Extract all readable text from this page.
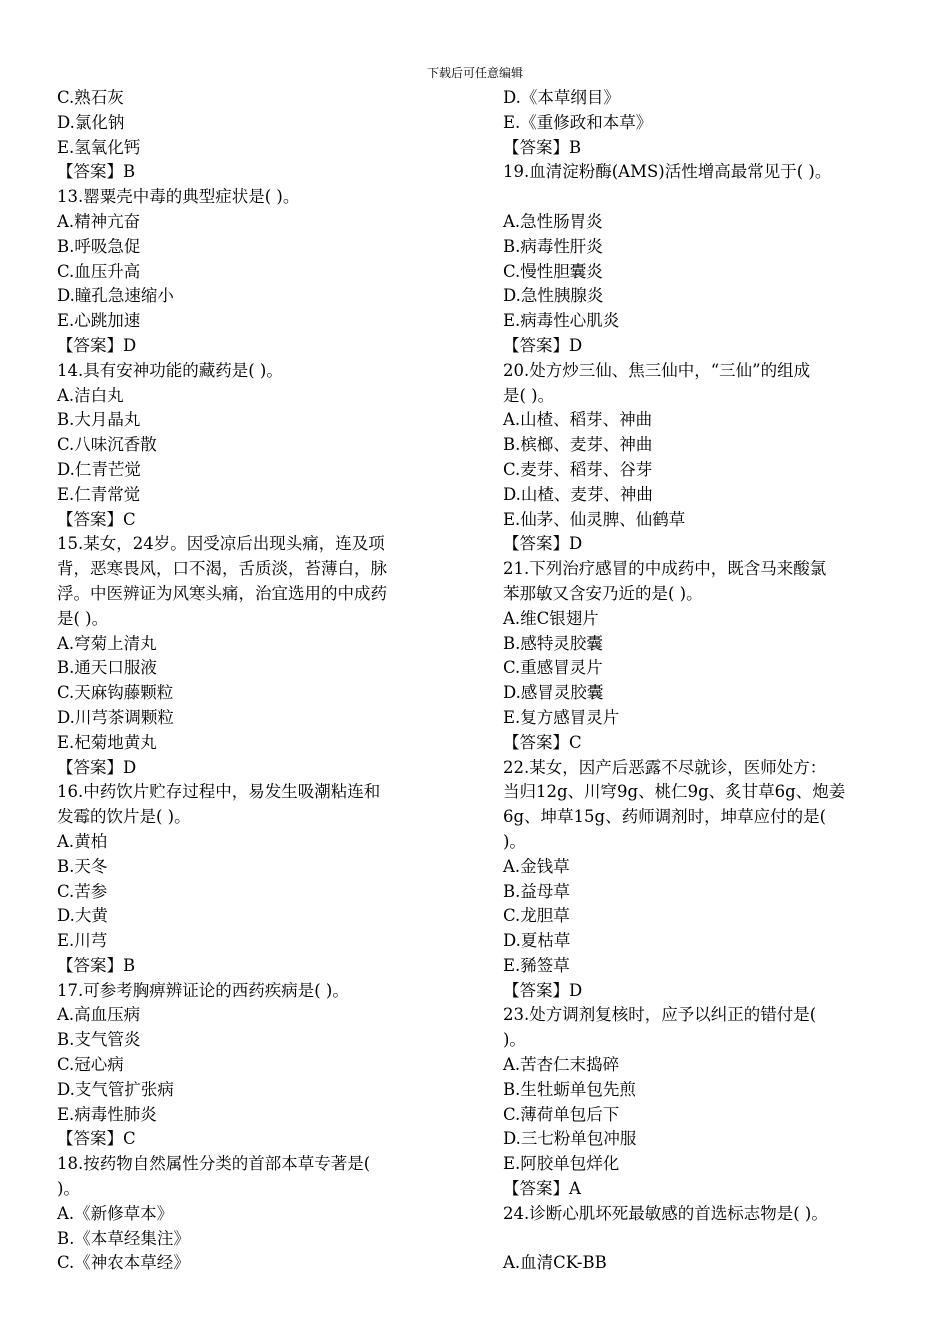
下载后可任意编辑
C.熟石灰
D.氯化钠
E.氢氧化钙
【答案】B
13.罂粟壳中毒的典型症状是( )。
A.精神亢奋
B.呼吸急促
C.血压升高
D.瞳孔急速缩小
E.心跳加速
【答案】D
14.具有安神功能的藏药是( )。
A.洁白丸
B.大月晶丸
C.八味沉香散
D.仁青芒觉
E.仁青常觉
【答案】C
15.某女，24岁。因受凉后出现头痛，连及项
背，恶寒畏风，口不渴，舌质淡，苔薄白，脉
浮。中医辨证为风寒头痛，治宜选用的中成药
是( )。
A.穹菊上清丸
B.通天口服液
C.天麻钩藤颗粒
D.川芎茶调颗粒
E.杞菊地黄丸
【答案】D
16.中药饮片贮存过程中，易发生吸潮粘连和
发霉的饮片是( )。
A.黄柏
B.天冬
C.苦参
D.大黄
E.川芎
【答案】B
17.可参考胸痹辨证论的西药疾病是( )。
A.高血压病
B.支气管炎
C.冠心病
D.支气管扩张病
E.病毒性肺炎
【答案】C
18.按药物自然属性分类的首部本草专著是(
)。
A.《新修草本》
B.《本草经集注》
C.《神农本草经》
D.《本草纲目》
E.《重修政和本草》
【答案】B
19.血清淀粉酶(AMS)活性增高最常见于( )。
A.急性肠胃炎
B.病毒性肝炎
C.慢性胆囊炎
D.急性胰腺炎
E.病毒性心肌炎
【答案】D
20.处方炒三仙、焦三仙中，“三仙”的组成
是( )。
A.山楂、稻芽、神曲
B.槟榔、麦芽、神曲
C.麦芽、稻芽、谷芽
D.山楂、麦芽、神曲
E.仙茅、仙灵脾、仙鹤草
【答案】D
21.下列治疗感冒的中成药中，既含马来酸氯
苯那敏又含安乃近的是( )。
A.维C银翅片
B.感特灵胶囊
C.重感冒灵片
D.感冒灵胶囊
E.复方感冒灵片
【答案】C
22.某女，因产后恶露不尽就诊，医师处方：
当归12g、川穹9g、桃仁9g、炙甘草6g、炮姜
6g、坤草15g、药师调剂时，坤草应付的是(
)。
A.金钱草
B.益母草
C.龙胆草
D.夏枯草
E.豨签草
【答案】D
23.处方调剂复核时，应予以纠正的错付是(
)。
A.苦杏仁末捣碎
B.生牡蛎单包先煎
C.薄荷单包后下
D.三七粉单包冲服
E.阿胶单包烊化
【答案】A
24.诊断心肌坏死最敏感的首选标志物是( )。
A.血清CK-BB
